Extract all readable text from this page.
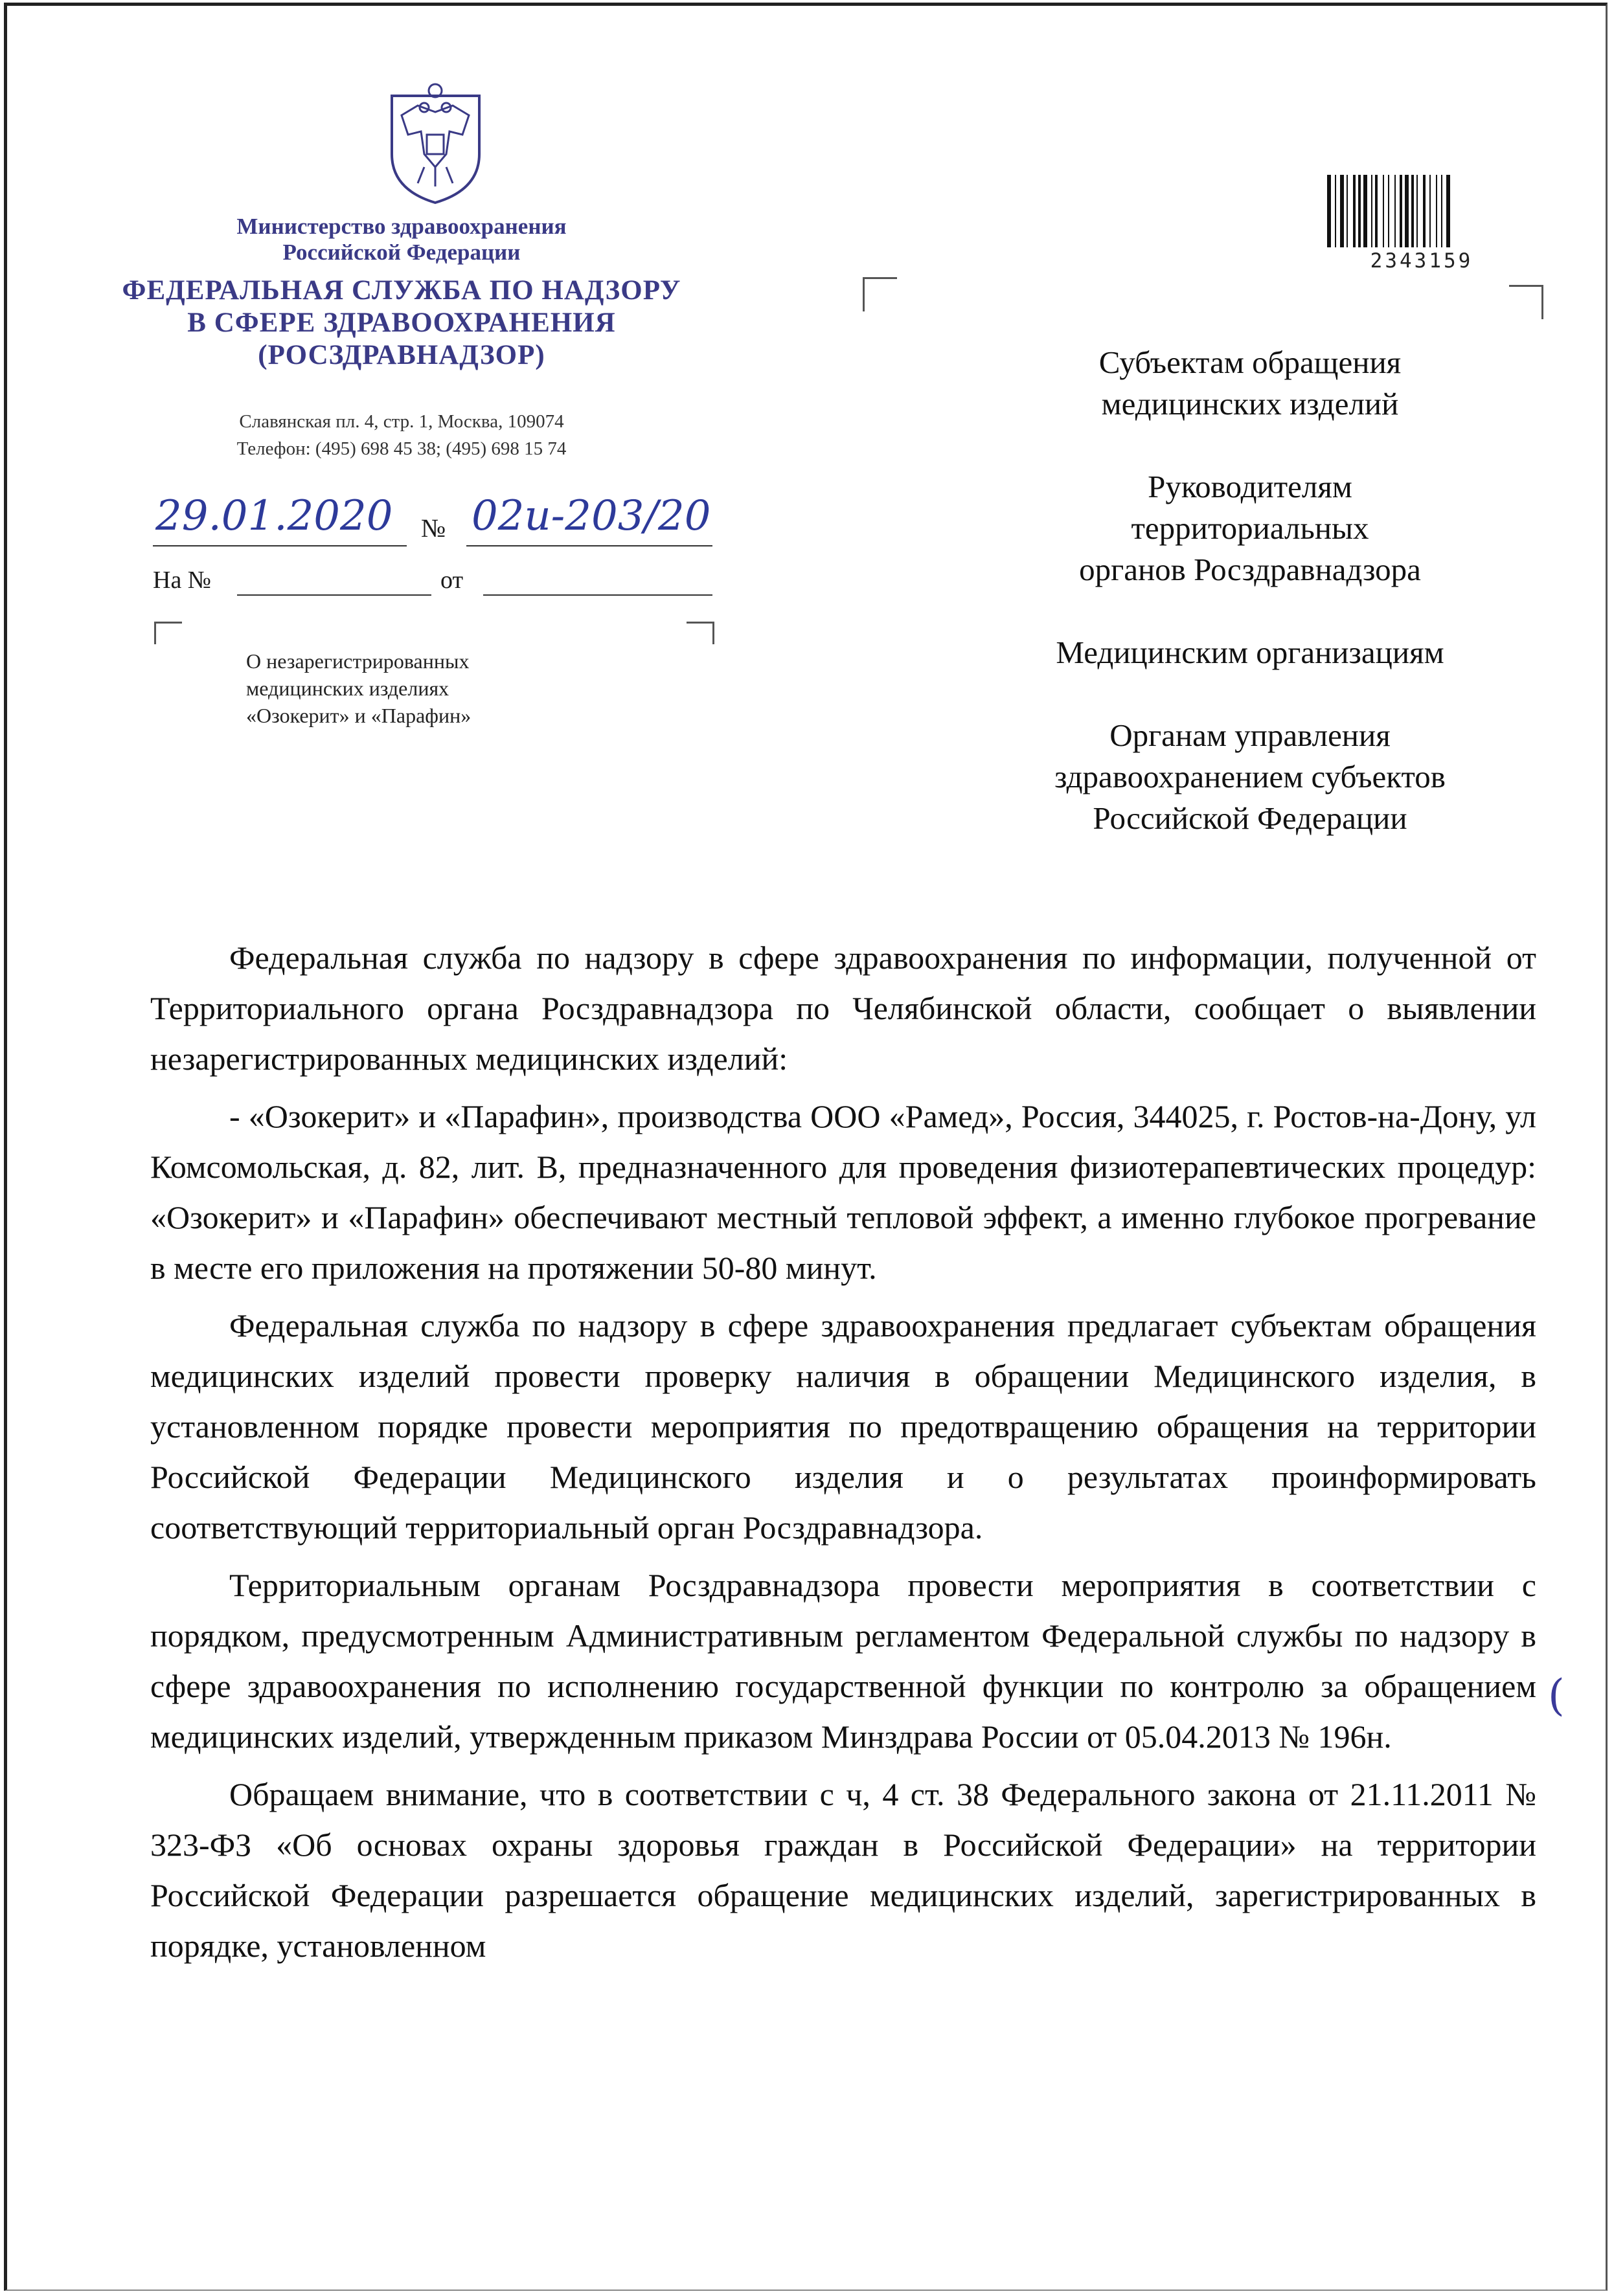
Министерство здравоохранения
Российской Федерации
ФЕДЕРАЛЬНАЯ СЛУЖБА ПО НАДЗОРУ
В СФЕРЕ ЗДРАВООХРАНЕНИЯ
(РОСЗДРАВНАДЗОР)
Славянская пл. 4, стр. 1, Москва, 109074
Телефон: (495) 698 45 38; (495) 698 15 74
29.01.2020 № 02и-203/20
На №	от
О незарегистрированных
медицинских изделиях
«Озокерит» и «Парафин»
2343159
Субъектам обращения
медицинских изделий
Руководителям
территориальных
органов Росздравнадзора
Медицинским организациям
Органам управления
здравоохранением субъектов
Российской Федерации

Федеральная служба по надзору в сфере здравоохранения по информации, полученной от Территориального органа Росздравнадзора по Челябинской области, сообщает о выявлении незарегистрированных медицинских изделий:

- «Озокерит» и «Парафин», производства ООО «Рамед», Россия, 344025, г. Ростов-на-Дону, ул Комсомольская, д. 82, лит. В, предназначенного для проведения физиотерапевтических процедур: «Озокерит» и «Парафин» обеспечивают местный тепловой эффект, а именно глубокое прогревание в месте его приложения на протяжении 50-80 минут.

Федеральная служба по надзору в сфере здравоохранения предлагает субъектам обращения медицинских изделий провести проверку наличия в обращении Медицинского изделия, в установленном порядке провести мероприятия по предотвращению обращения на территории Российской Федерации Медицинского изделия и о результатах проинформировать соответствующий территориальный орган Росздравнадзора.

Территориальным органам Росздравнадзора провести мероприятия в соответствии с порядком, предусмотренным Административным регламентом Федеральной службы по надзору в сфере здравоохранения по исполнению государственной функции по контролю за обращением медицинских изделий, утвержденным приказом Минздрава России от 05.04.2013 № 196н.

Обращаем внимание, что в соответствии с ч, 4 ст. 38 Федерального закона от 21.11.2011 № 323-ФЗ «Об основах охраны здоровья граждан в Российской Федерации» на территории Российской Федерации разрешается обращение медицинских изделий, зарегистрированных в порядке, установленном

(
